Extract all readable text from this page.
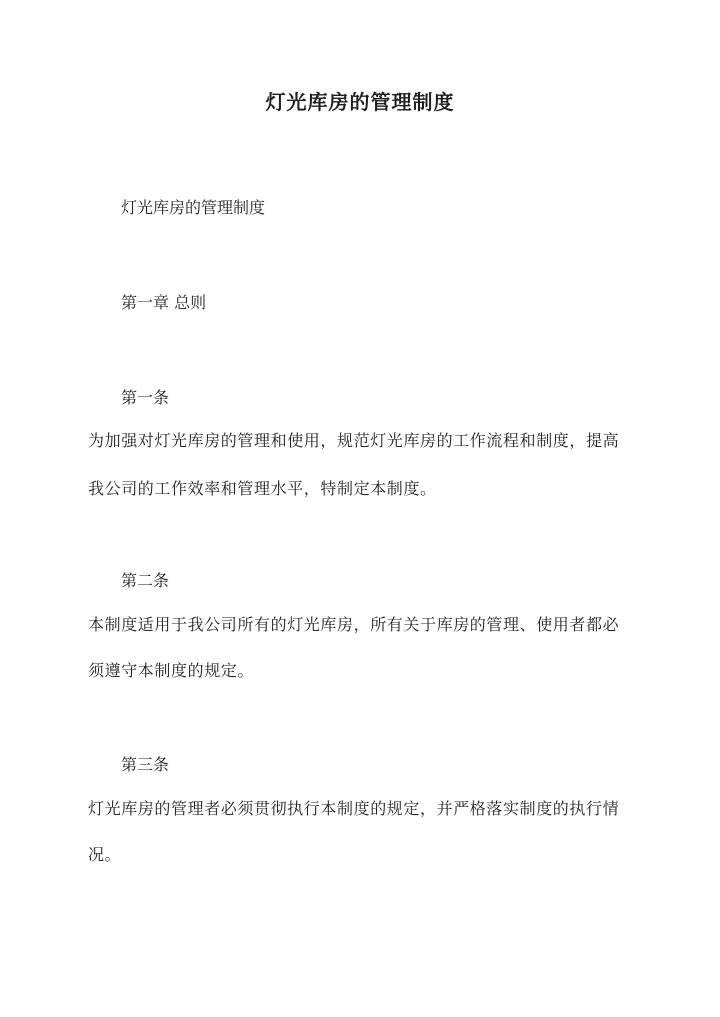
灯光库房的管理制度

灯光库房的管理制度

第一章 总则

第一条

为加强对灯光库房的管理和使用，规范灯光库房的工作流程和制度，提高

我公司的工作效率和管理水平，特制定本制度。

第二条

本制度适用于我公司所有的灯光库房，所有关于库房的管理、使用者都必

须遵守本制度的规定。

第三条

灯光库房的管理者必须贯彻执行本制度的规定，并严格落实制度的执行情

况。
